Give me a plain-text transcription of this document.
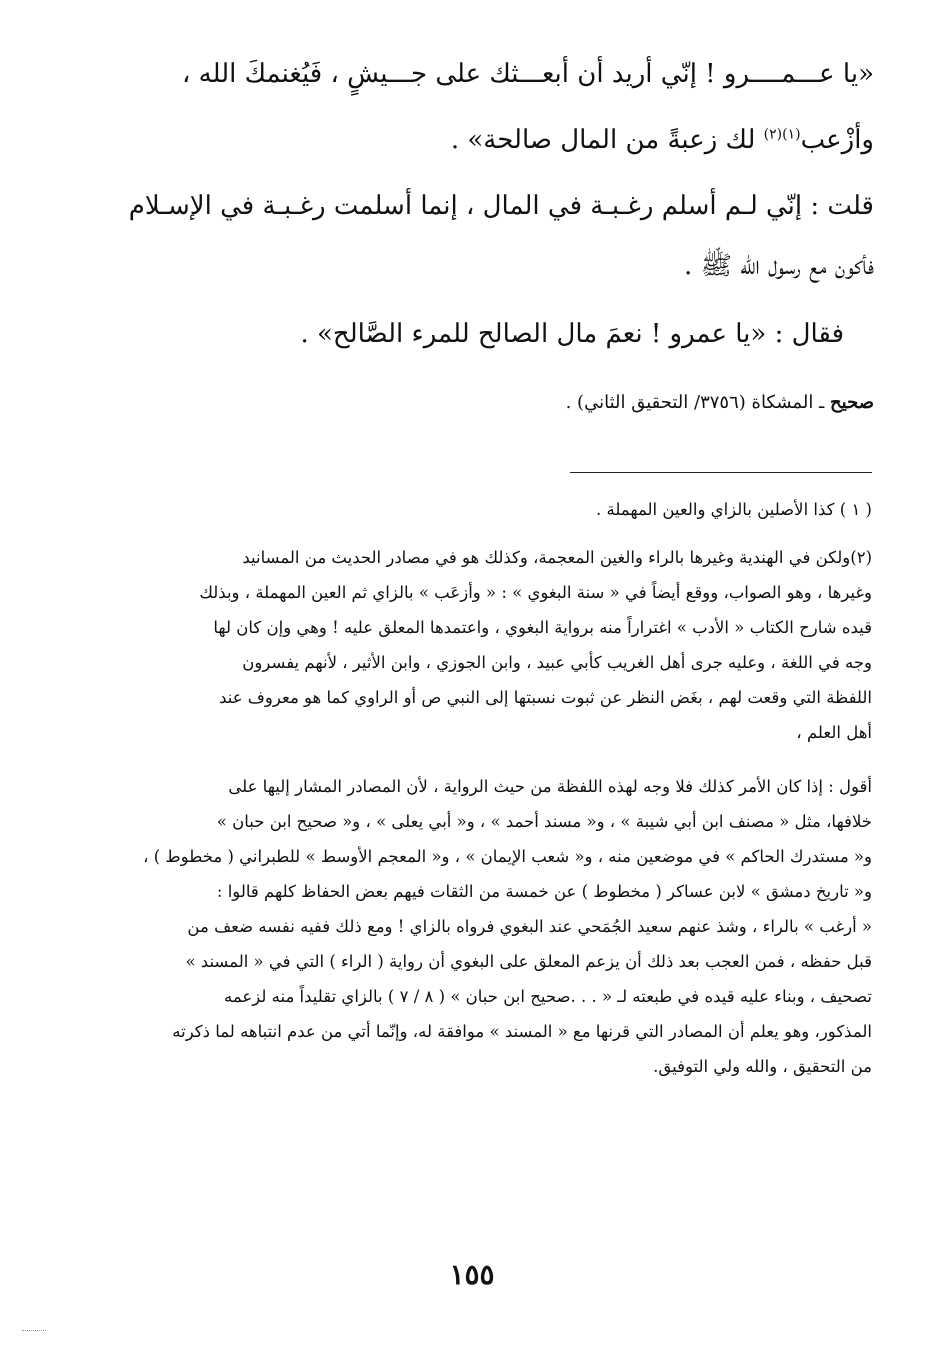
«يا عـــمــــرو ! إنّي أريد أن أبعـــثك على جـــيشٍ ، فَيُغنمكَ الله ،
وأزْعب$^{(١)(٢)}$ لك زعبةً من المال صالحة» .
قلت : إنّي لـم أسلم رغـبـة في المال ، إنما أسلمت رغـبـة في الإسـلام
فأكون مع رسول الله ﷺ .
فقال : «يا عمرو ! نعمَ مال الصالح للمرء الصَّالح» .
صحيح ـ المشكاة (٣٧٥٦/ التحقيق الثاني) .
( ١ ) كذا الأصلين بالزاي والعين المهملة .
(٢)ولكن في الهندية وغيرها بالراء والغين المعجمة، وكذلك هو في مصادر الحديث من المسانيد
وغيرها ، وهو الصواب، ووقع أيضاً في « سنة البغوي » : « وأزعَب » بالزاي ثم العين المهملة ، وبذلك
قيده شارح الكتاب « الأدب » اغتراراً منه برواية البغوي ، واعتمدها المعلق عليه ! وهي وإن كان لها
وجه في اللغة ، وعليه جرى أهل الغريب كأبي عبيد ، وابن الجوزي ، وابن الأثير ، لأنهم يفسرون
اللفظة التي وقعت لهم ، بغَض النظر عن ثبوت نسبتها إلى النبي ص أو الراوي كما هو معروف عند
أهل العلم ،
أقول : إذا كان الأمر كذلك فلا وجه لهذه اللفظة من حيث الرواية ، لأن المصادر المشار إليها على
خلافها، مثل « مصنف ابن أبي شيبة » ، و« مسند أحمد » ، و« أبي يعلى » ، و« صحيح ابن حبان »
و« مستدرك الحاكم » في موضعين منه ، و« شعب الإيمان » ، و« المعجم الأوسط » للطبراني ( مخطوط ) ،
و« تاريخ دمشق » لابن عساكر ( مخطوط ) عن خمسة من الثقات فيهم بعض الحفاظ كلهم قالوا :
« أرغب » بالراء ، وشذ عنهم سعيد الجُمَحي عند البغوي فرواه بالزاي ! ومع ذلك ففيه نفسه ضعف من
قبل حفظه ، فمن العجب بعد ذلك أن يزعم المعلق على البغوي أن رواية ( الراء ) التي في « المسند »
تصحيف ، وبناء عليه قيده في طبعته لـ « . . .صحيح ابن حبان » ( ٨ / ٧ ) بالزاي تقليداً منه لزعمه
المذكور، وهو يعلم أن المصادر التي قرنها مع « المسند » موافقة له، وإنّما أتي من عدم انتباهه لما ذكرته
من التحقيق ، والله ولي التوفيق.
١٥٥
